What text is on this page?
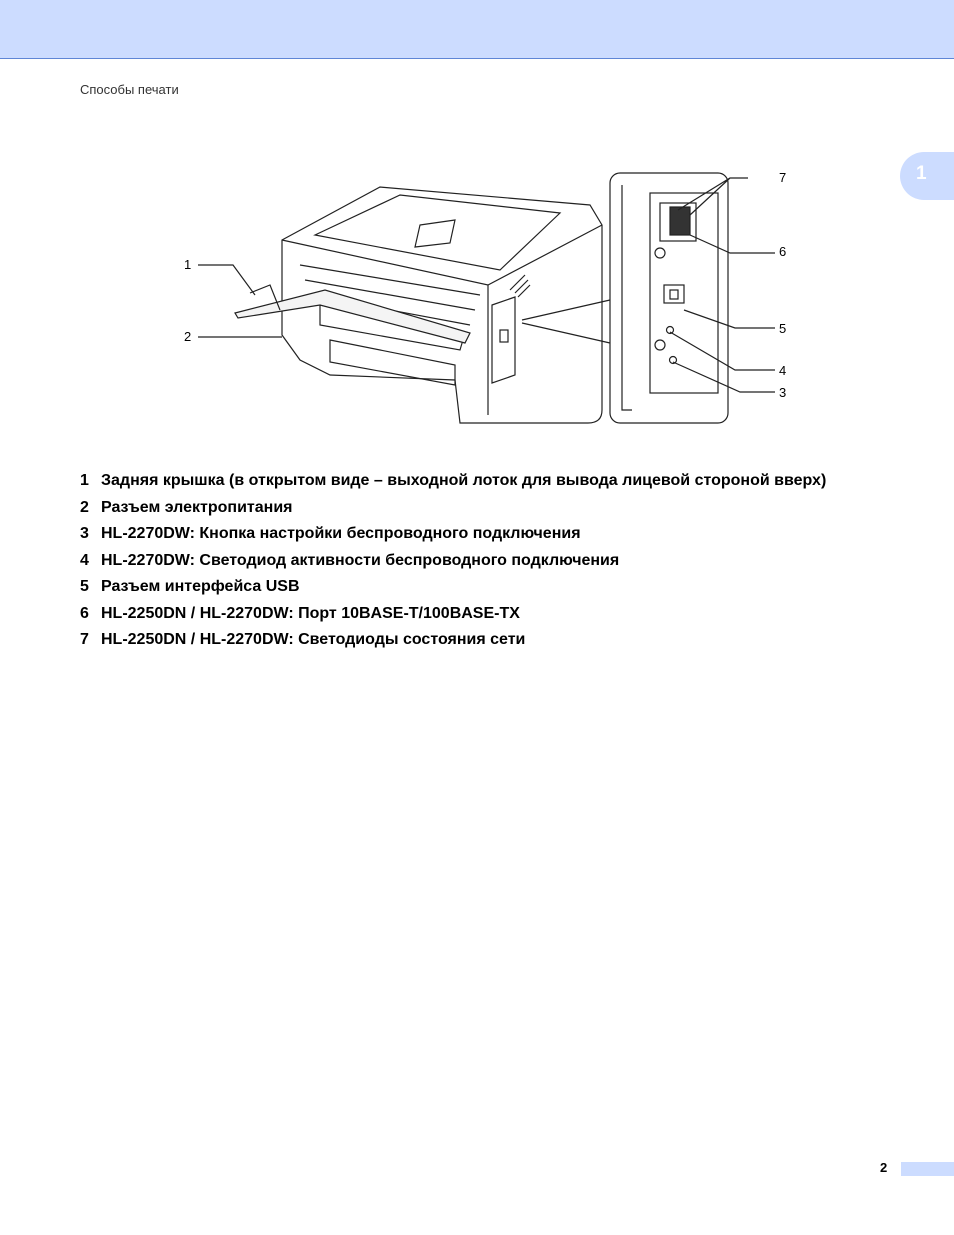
Способы печати
1
1
2
3
4
5
6
7
1 Задняя крышка (в открытом виде – выходной лоток для вывода лицевой стороной вверх)
2 Разъем электропитания
3 HL-2270DW: Кнопка настройки беспроводного подключения
4 HL-2270DW: Светодиод активности беспроводного подключения
5 Разъем интерфейса USB
6 HL-2250DN / HL-2270DW: Порт 10BASE-T/100BASE-TX
7 HL-2250DN / HL-2270DW: Светодиоды состояния сети
2
